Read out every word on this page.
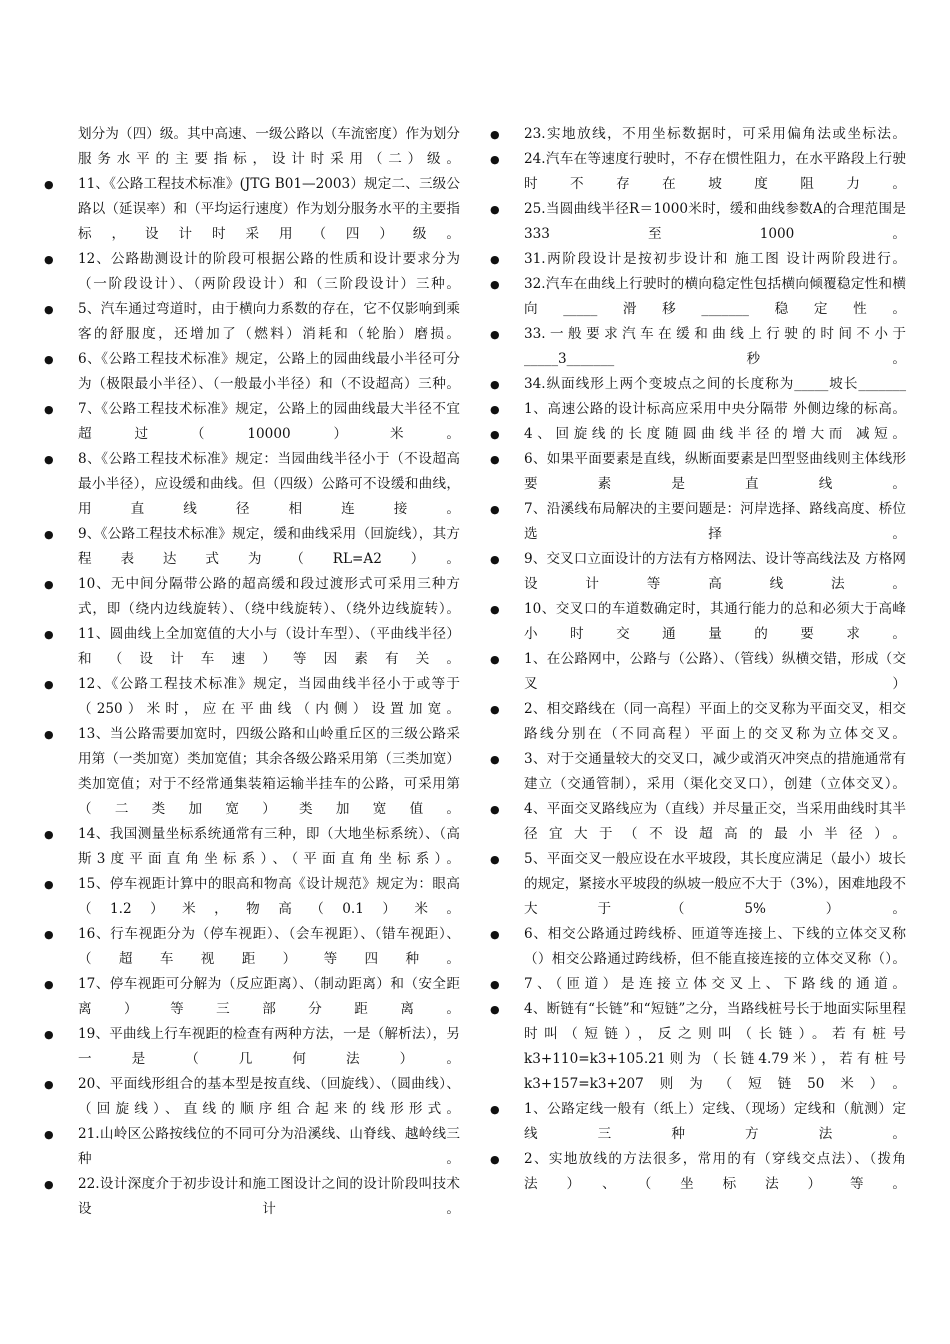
划分为（四）级。其中高速、一级公路以（车流密度）作为划分服务水平的主要指标，设计时采用（二）级。

● 11、《公路工程技术标准》(JTG B01—2003）规定二、三级公路以（延误率）和（平均运行速度）作为划分服务水平的主要指标，设计时采用（四）级。

● 12、公路勘测设计的阶段可根据公路的性质和设计要求分为（一阶段设计）、（两阶段设计）和（三阶段设计）三种。

● 5、汽车通过弯道时，由于横向力系数的存在，它不仅影响到乘客的舒服度，还增加了（燃料）消耗和（轮胎）磨损。

● 6、《公路工程技术标准》规定，公路上的园曲线最小半径可分为（极限最小半径）、（一般最小半径）和（不设超高）三种。

● 7、《公路工程技术标准》规定，公路上的园曲线最大半径不宜超过（10000）米。

● 8、《公路工程技术标准》规定：当园曲线半径小于（不设超高最小半径），应设缓和曲线。但（四级）公路可不设缓和曲线，用直线径相连接。

● 9、《公路工程技术标准》规定，缓和曲线采用（回旋线），其方程表达式为（RL=A2）。

● 10、无中间分隔带公路的超高缓和段过渡形式可采用三种方式，即（绕内边线旋转）、（绕中线旋转）、（绕外边线旋转）。

● 11、圆曲线上全加宽值的大小与（设计车型）、（平曲线半径）和（设计车速）等因素有关。

● 12、《公路工程技术标准》规定，当园曲线半径小于或等于（250）米时，应在平曲线（内侧）设置加宽。

● 13、当公路需要加宽时，四级公路和山岭重丘区的三级公路采用第（一类加宽）类加宽值；其余各级公路采用第（三类加宽）类加宽值；对于不经常通集装箱运输半挂车的公路，可采用第（二类加宽）类加宽值。

● 14、我国测量坐标系统通常有三种，即（大地坐标系统）、（高斯3度平面直角坐标系）、（平面直角坐标系）。

● 15、停车视距计算中的眼高和物高《设计规范》规定为：眼高（1.2）米，物高（0.1）米。

● 16、行车视距分为（停车视距）、（会车视距）、（错车视距）、（超车视距）等四种。

● 17、停车视距可分解为（反应距离）、（制动距离）和（安全距离）等三部分距离。

● 19、平曲线上行车视距的检查有两种方法，一是（解析法），另一是（几何法）。

● 20、平面线形组合的基本型是按直线、（回旋线）、（圆曲线）、（回旋线）、直线的顺序组合起来的线形形式。

● 21.山岭区公路按线位的不同可分为沿溪线、山脊线、越岭线三种。

● 22.设计深度介于初步设计和施工图设计之间的设计阶段叫技术设计。

● 23.实地放线，不用坐标数据时，可采用偏角法或坐标法。

● 24.汽车在等速度行驶时，不存在惯性阻力，在水平路段上行驶时不存在坡度阻力。

● 25.当圆曲线半径R＝1000米时，缓和曲线参数A的合理范围是333至1000。

● 31.两阶段设计是按初步设计和 施工图 设计两阶段进行。

● 32.汽车在曲线上行驶时的横向稳定性包括横向倾覆稳定性和横向_____滑移_______稳定性。

● 33.一般要求汽车在缓和曲线上行驶的时间不小于_____3_______秒。

● 34.纵面线形上两个变坡点之间的长度称为_____坡长_______

● 1、高速公路的设计标高应采用中央分隔带 外侧边缘的标高。

● 4、回旋线的长度随圆曲线半径的增大而 减短。

● 6、如果平面要素是直线，纵断面要素是凹型竖曲线则主体线形要素是直线。

● 7、沿溪线布局解决的主要问题是：河岸选择、路线高度、桥位选择。

● 9、交叉口立面设计的方法有方格网法、设计等高线法及 方格网设计等高线法。

● 10、交叉口的车道数确定时，其通行能力的总和必须大于高峰 小时交通量的要求。

● 1、在公路网中，公路与（公路）、（管线）纵横交错，形成（交叉）

● 2、相交路线在（同一高程）平面上的交叉称为平面交叉，相交路线分别在（不同高程）平面上的交叉称为立体交叉。

● 3、对于交通量较大的交叉口，减少或消灭冲突点的措施通常有建立（交通管制），采用（渠化交叉口），创建（立体交叉）。

● 4、平面交叉路线应为（直线）并尽量正交，当采用曲线时其半径宜大于（不设超高的最小半径）。

● 5、平面交叉一般应设在水平坡段，其长度应满足（最小）坡长的规定，紧接水平坡段的纵坡一般应不大于（3%），困难地段不大于（5%）。

● 6、相交公路通过跨线桥、匝道等连接上、下线的立体交叉称（）相交公路通过跨线桥，但不能直接连接的立体交叉称（）。

● 7、（匝道）是连接立体交叉上、下路线的通道。

● 4、断链有“长链”和“短链”之分，当路线桩号长于地面实际里程时叫（短链），反之则叫（长链）。若有桩号k3+110=k3+105.21则为（长链4.79米），若有桩号k3+157=k3+207则为（短链50米）。

● 1、公路定线一般有（纸上）定线、（现场）定线和（航测）定线三种方法。

● 2、实地放线的方法很多，常用的有（穿线交点法）、（拨角法）、（坐标法）等。
